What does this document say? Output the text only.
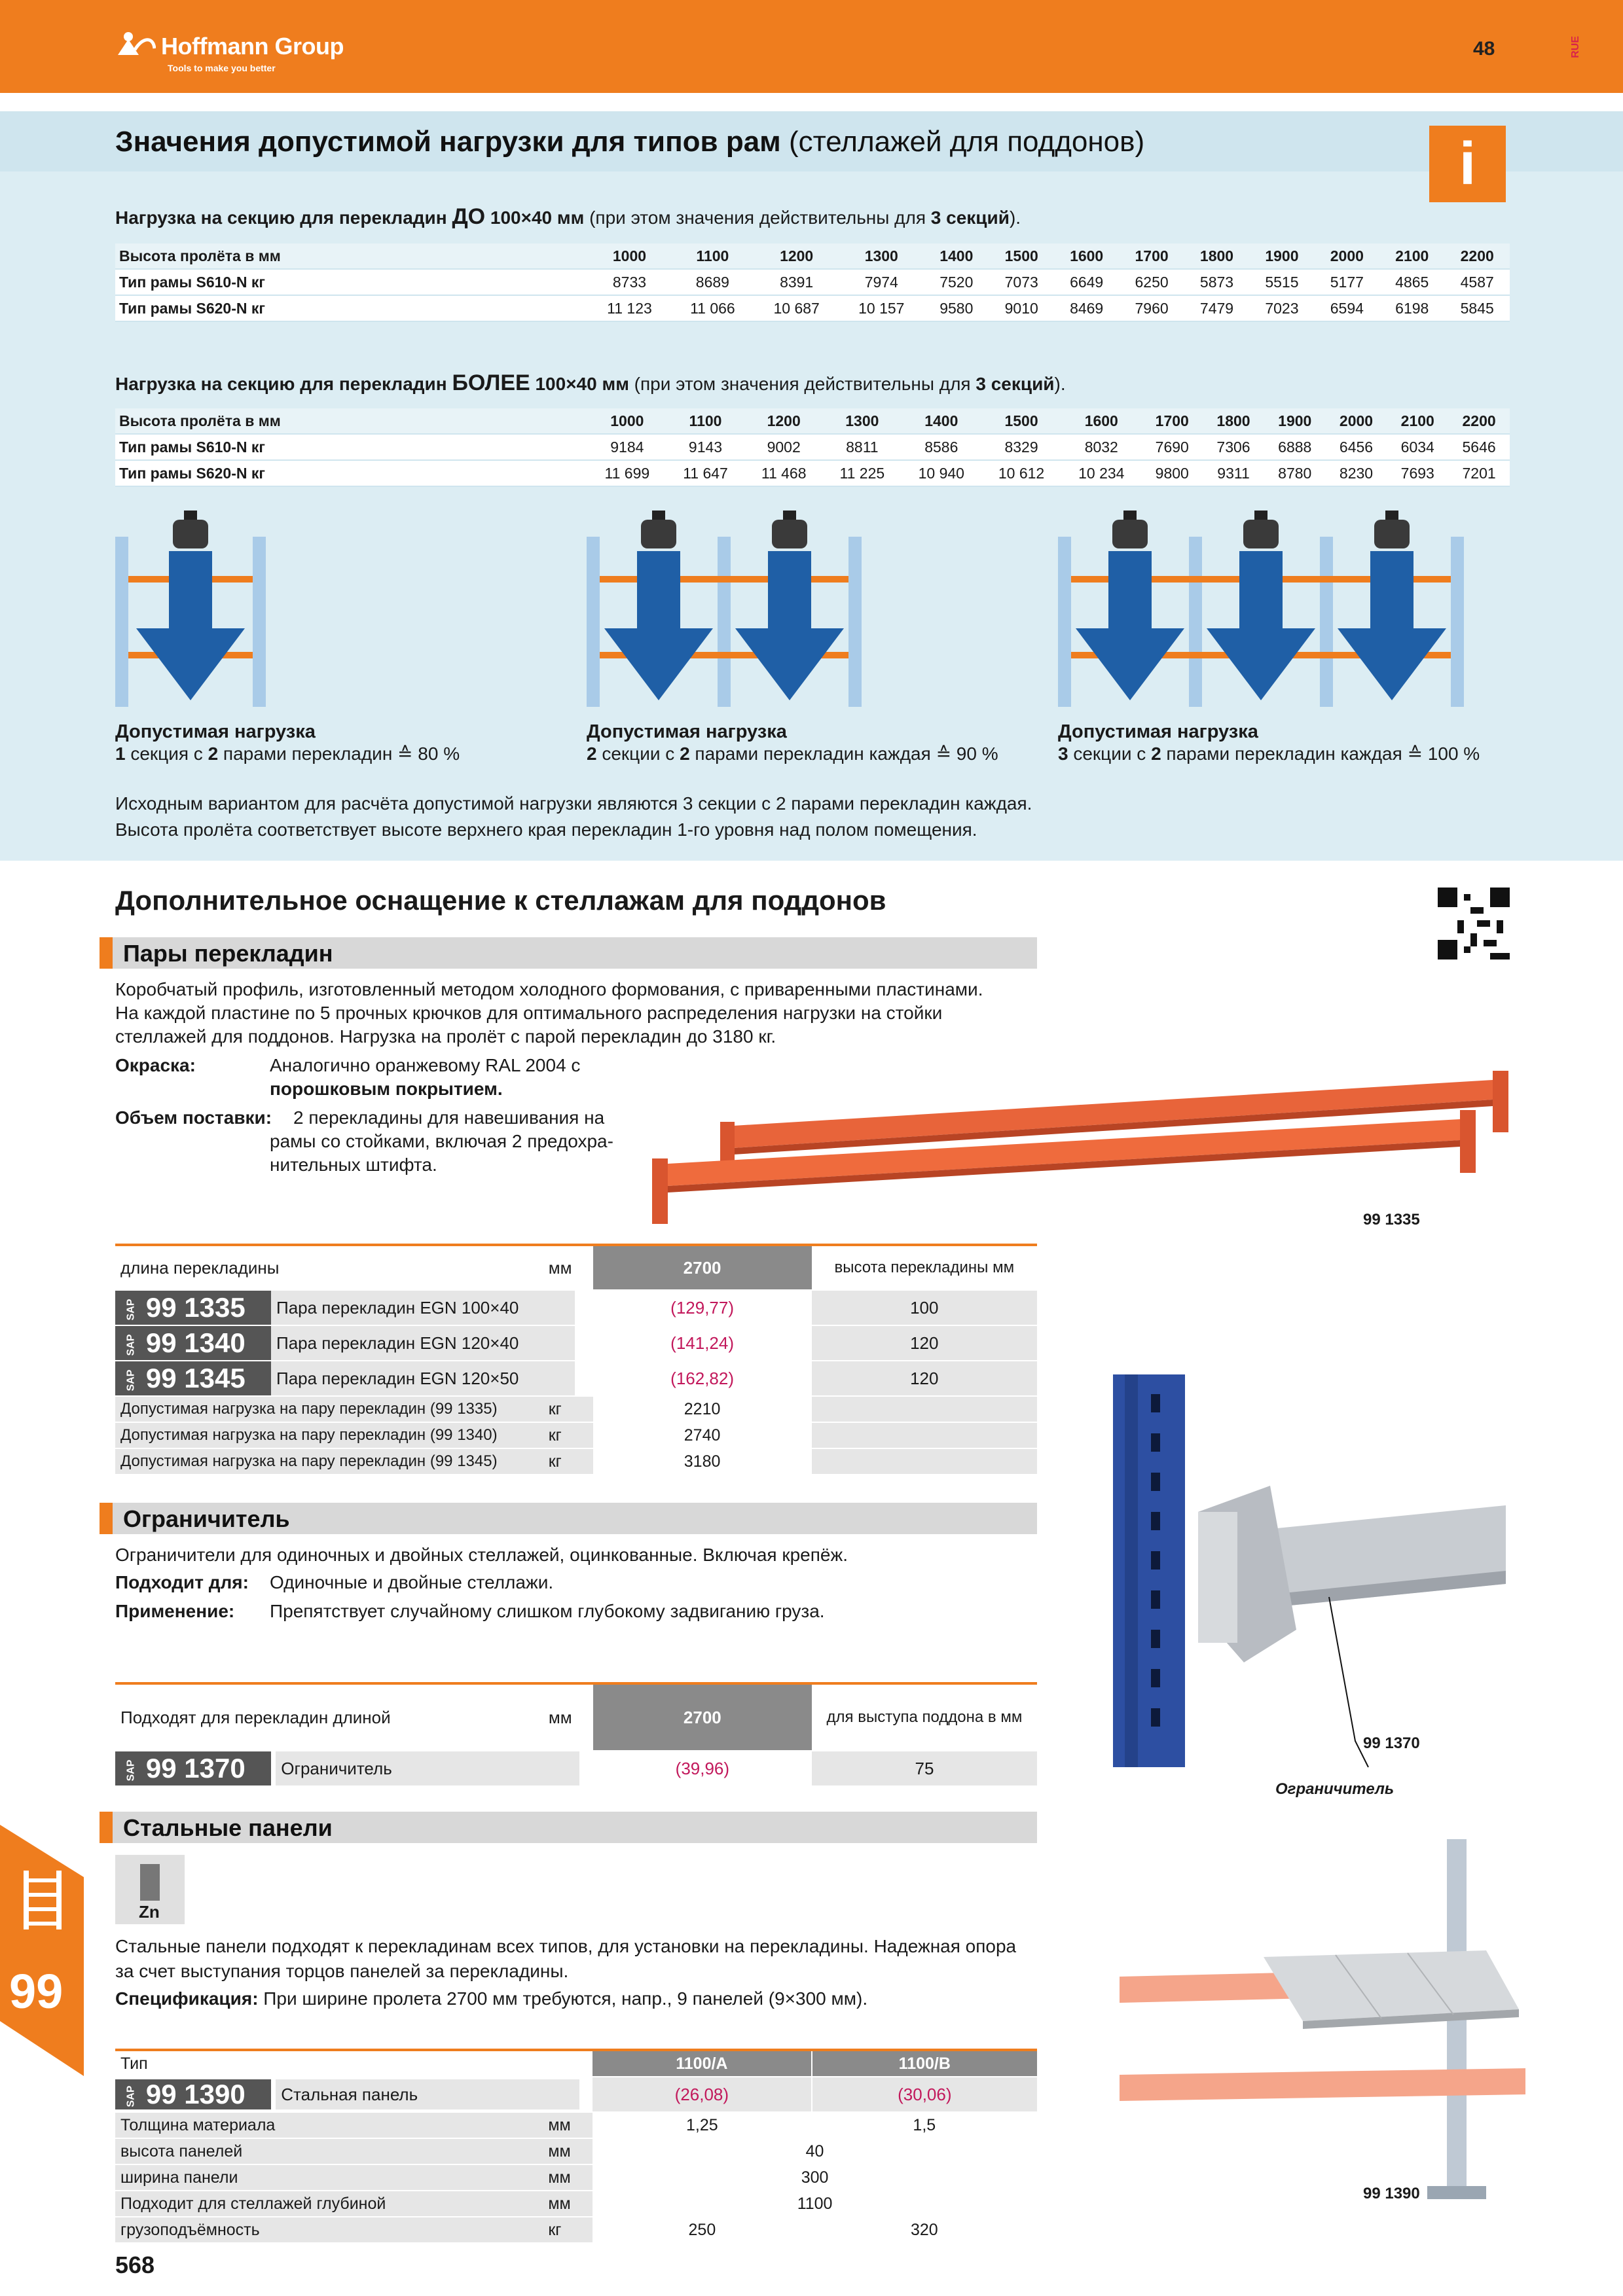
Hoffmann Group
Tools to make you better
48	RUE
Значения допустимой нагрузки для типов рам (стеллажей для поддонов)	i
Нагрузка на секцию для перекладин ДО 100×40 мм (при этом значения действительны для 3 секций).
Высота пролёта в мм	1000	1100	1200	1300	1400	1500	1600	1700	1800	1900	2000	2100	2200
Тип рамы S610-N кг	8733	8689	8391	7974	7520	7073	6649	6250	5873	5515	5177	4865	4587
Тип рамы S620-N кг	11 123	11 066	10 687	10 157	9580	9010	8469	7960	7479	7023	6594	6198	5845
Нагрузка на секцию для перекладин БОЛЕЕ 100×40 мм (при этом значения действительны для 3 секций).
Высота пролёта в мм	1000	1100	1200	1300	1400	1500	1600	1700	1800	1900	2000	2100	2200
Тип рамы S610-N кг	9184	9143	9002	8811	8586	8329	8032	7690	7306	6888	6456	6034	5646
Тип рамы S620-N кг	11 699	11 647	11 468	11 225	10 940	10 612	10 234	9800	9311	8780	8230	7693	7201
Допустимая нагрузка
1 секция с 2 парами перекладин ≙ 80 %
Допустимая нагрузка
2 секции с 2 парами перекладин каждая ≙ 90 %
Допустимая нагрузка
3 секции с 2 парами перекладин каждая ≙ 100 %
Исходным вариантом для расчёта допустимой нагрузки являются 3 секции с 2 парами перекладин каждая.
Высота пролёта соответствует высоте верхнего края перекладин 1-го уровня над полом помещения.
Дополнительное оснащение к стеллажам для поддонов
Пары перекладин
Коробчатый профиль, изготовленный методом холодного формования, с приваренными пластинами.
На каждой пластине по 5 прочных крючков для оптимального распределения нагрузки на стойки
стеллажей для поддонов. Нагрузка на пролёт с парой перекладин до 3180 кг.
Окраска:	Аналогично оранжевому RAL 2004 с
порошковым покрытием.
Объем поставки: 2 перекладины для навешивания на
рамы со стойками, включая 2 предохра-
нительных штифта.
99 1335
длина перекладины	мм	2700	высота перекладины мм
SAP 99 1335 Пара перекладин EGN 100×40		(129,77)	100
SAP 99 1340 Пара перекладин EGN 120×40		(141,24)	120
SAP 99 1345 Пара перекладин EGN 120×50		(162,82)	120
Допустимая нагрузка на пару перекладин (99 1335)	кг	2210	
Допустимая нагрузка на пару перекладин (99 1340)	кг	2740	
Допустимая нагрузка на пару перекладин (99 1345)	кг	3180	
99 1370
Ограничитель
Ограничитель
Ограничители для одиночных и двойных стеллажей, оцинкованные. Включая крепёж.
Подходит для: Одиночные и двойные стеллажи.
Применение: Препятствует случайному слишком глубокому задвиганию груза.
Подходят для перекладин длиной	мм	2700	для выступа поддона в мм
SAP 99 1370 Ограничитель		(39,96)	75
Стальные панели
Zn
Стальные панели подходят к перекладинам всех типов, для установки на перекладины. Надежная опора
за счет выступания торцов панелей за перекладины.
Спецификация: При ширине пролета 2700 мм требуются, напр., 9 панелей (9×300 мм).
99 1390
Тип		1100/A	1100/B
SAP 99 1390 Стальная панель		(26,08)	(30,06)
Толщина материала	мм	1,25	1,5
высота панелей	мм	40	
ширина панели	мм	300	
Подходит для стеллажей глубиной	мм	1100	
грузоподъёмность	кг	250	320
99
568
